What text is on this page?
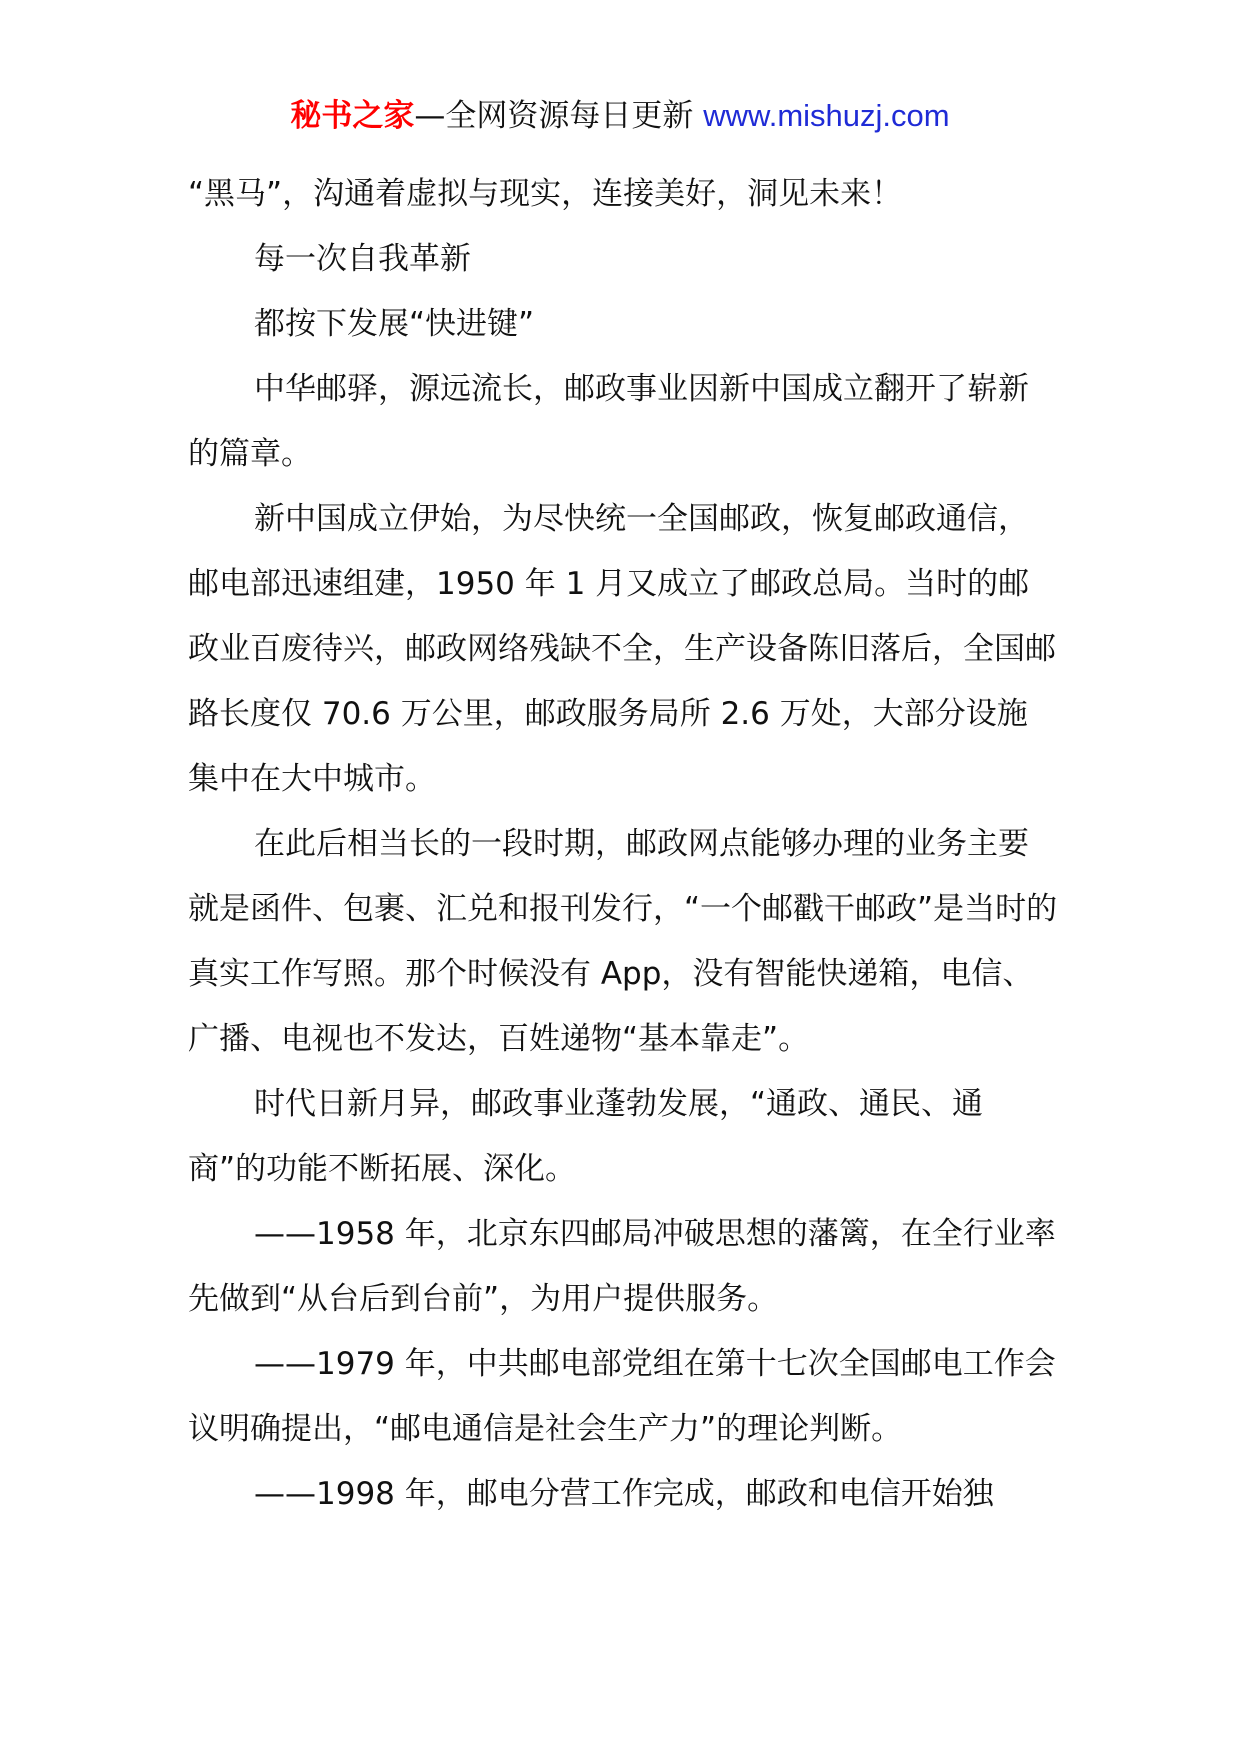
秘书之家—全网资源每日更新 www.mishuzj.com

“黑马”，沟通着虚拟与现实，连接美好，洞见未来！

每一次自我革新

都按下发展“快进键”

中华邮驿，源远流长，邮政事业因新中国成立翻开了崭新的篇章。

新中国成立伊始，为尽快统一全国邮政，恢复邮政通信，邮电部迅速组建，1950 年 1 月又成立了邮政总局。当时的邮政业百废待兴，邮政网络残缺不全，生产设备陈旧落后，全国邮路长度仅 70.6 万公里，邮政服务局所 2.6 万处，大部分设施集中在大中城市。

在此后相当长的一段时期，邮政网点能够办理的业务主要就是函件、包裹、汇兑和报刊发行，“一个邮戳干邮政”是当时的真实工作写照。那个时候没有 App，没有智能快递箱，电信、广播、电视也不发达，百姓递物“基本靠走”。

时代日新月异，邮政事业蓬勃发展，“通政、通民、通商”的功能不断拓展、深化。

——1958 年，北京东四邮局冲破思想的藩篱，在全行业率先做到“从台后到台前”，为用户提供服务。

——1979 年，中共邮电部党组在第十七次全国邮电工作会议明确提出，“邮电通信是社会生产力”的理论判断。

——1998 年，邮电分营工作完成，邮政和电信开始独
